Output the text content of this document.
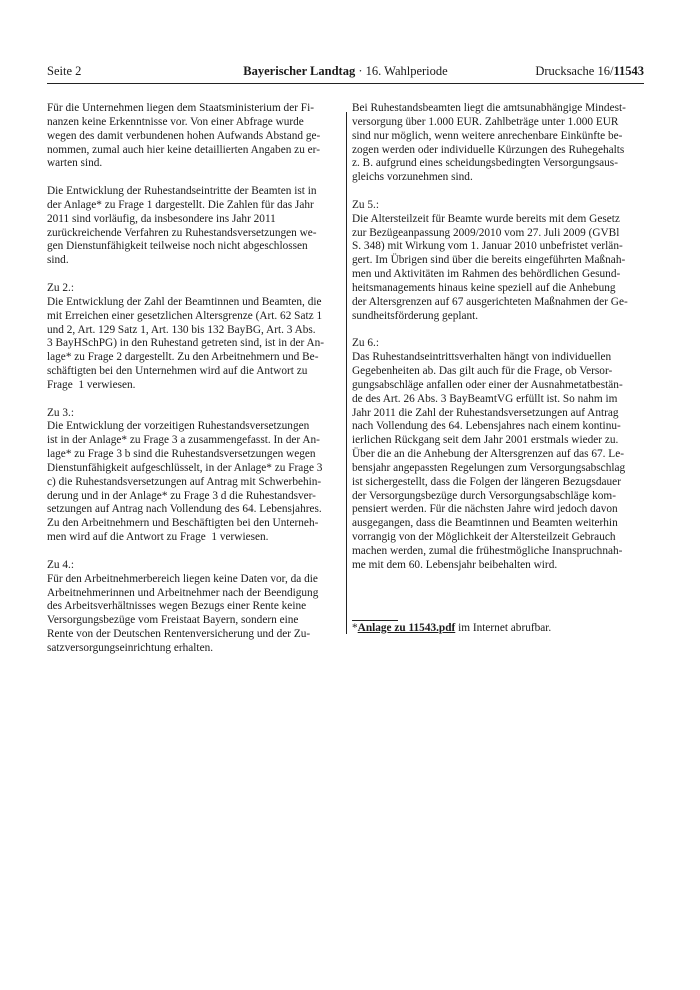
Seite 2	Bayerischer Landtag · 16. Wahlperiode	Drucksache 16/11543

Für die Unternehmen liegen dem Staatsministerium der Fi-
nanzen keine Erkenntnisse vor. Von einer Abfrage wurde
wegen des damit verbundenen hohen Aufwands Abstand ge-
nommen, zumal auch hier keine detaillierten Angaben zu er-
warten sind.

Die Entwicklung der Ruhestandseintritte der Beamten ist in
der Anlage* zu Frage 1 dargestellt. Die Zahlen für das Jahr
2011 sind vorläufig, da insbesondere ins Jahr 2011
zurückreichende Verfahren zu Ruhestandsversetzungen we-
gen Dienstunfähigkeit teilweise noch nicht abgeschlossen
sind.

Zu 2.:
Die Entwicklung der Zahl der Beamtinnen und Beamten, die
mit Erreichen einer gesetzlichen Altersgrenze (Art. 62 Satz 1
und 2, Art. 129 Satz 1, Art. 130 bis 132 BayBG, Art. 3 Abs.
3 BayHSchPG) in den Ruhestand getreten sind, ist in der An-
lage* zu Frage 2 dargestellt. Zu den Arbeitnehmern und Be-
schäftigten bei den Unternehmen wird auf die Antwort zu
Frage  1 verwiesen.

Zu 3.:
Die Entwicklung der vorzeitigen Ruhestandsversetzungen
ist in der Anlage* zu Frage 3 a zusammengefasst. In der An-
lage* zu Frage 3 b sind die Ruhestandsversetzungen wegen
Dienstunfähigkeit aufgeschlüsselt, in der Anlage* zu Frage 3
c) die Ruhestandsversetzungen auf Antrag mit Schwerbehin-
derung und in der Anlage* zu Frage 3 d die Ruhestandsver-
setzungen auf Antrag nach Vollendung des 64. Lebensjahres.
Zu den Arbeitnehmern und Beschäftigten bei den Unterneh-
men wird auf die Antwort zu Frage  1 verwiesen.

Zu 4.:
Für den Arbeitnehmerbereich liegen keine Daten vor, da die
Arbeitnehmerinnen und Arbeitnehmer nach der Beendigung
des Arbeitsverhältnisses wegen Bezugs einer Rente keine
Versorgungsbezüge vom Freistaat Bayern, sondern eine
Rente von der Deutschen Rentenversicherung und der Zu-
satzversorgungseinrichtung erhalten.

Bei Ruhestandsbeamten liegt die amtsunabhängige Mindest-
versorgung über 1.000 EUR. Zahlbeträge unter 1.000 EUR
sind nur möglich, wenn weitere anrechenbare Einkünfte be-
zogen werden oder individuelle Kürzungen des Ruhegehalts
z. B. aufgrund eines scheidungsbedingten Versorgungsaus-
gleichs vorzunehmen sind.

Zu 5.:
Die Altersteilzeit für Beamte wurde bereits mit dem Gesetz
zur Bezügeanpassung 2009/2010 vom 27. Juli 2009 (GVBl
S. 348) mit Wirkung vom 1. Januar 2010 unbefristet verlän-
gert. Im Übrigen sind über die bereits eingeführten Maßnah-
men und Aktivitäten im Rahmen des behördlichen Gesund-
heitsmanagements hinaus keine speziell auf die Anhebung
der Altersgrenzen auf 67 ausgerichteten Maßnahmen der Ge-
sundheitsförderung geplant.

Zu 6.:
Das Ruhestandseintrittsverhalten hängt von individuellen
Gegebenheiten ab. Das gilt auch für die Frage, ob Versor-
gungsabschläge anfallen oder einer der Ausnahmetatbestän-
de des Art. 26 Abs. 3 BayBeamtVG erfüllt ist. So nahm im
Jahr 2011 die Zahl der Ruhestandsversetzungen auf Antrag
nach Vollendung des 64. Lebensjahres nach einem kontinu-
ierlichen Rückgang seit dem Jahr 2001 erstmals wieder zu.
Über die an die Anhebung der Altersgrenzen auf das 67. Le-
bensjahr angepassten Regelungen zum Versorgungsabschlag
ist sichergestellt, dass die Folgen der längeren Bezugsdauer
der Versorgungsbezüge durch Versorgungsabschläge kom-
pensiert werden. Für die nächsten Jahre wird jedoch davon
ausgegangen, dass die Beamtinnen und Beamten weiterhin
vorrangig von der Möglichkeit der Altersteilzeit Gebrauch
machen werden, zumal die frühestmögliche Inanspruchnah-
me mit dem 60. Lebensjahr beibehalten wird.

*Anlage zu 11543.pdf im Internet abrufbar.
